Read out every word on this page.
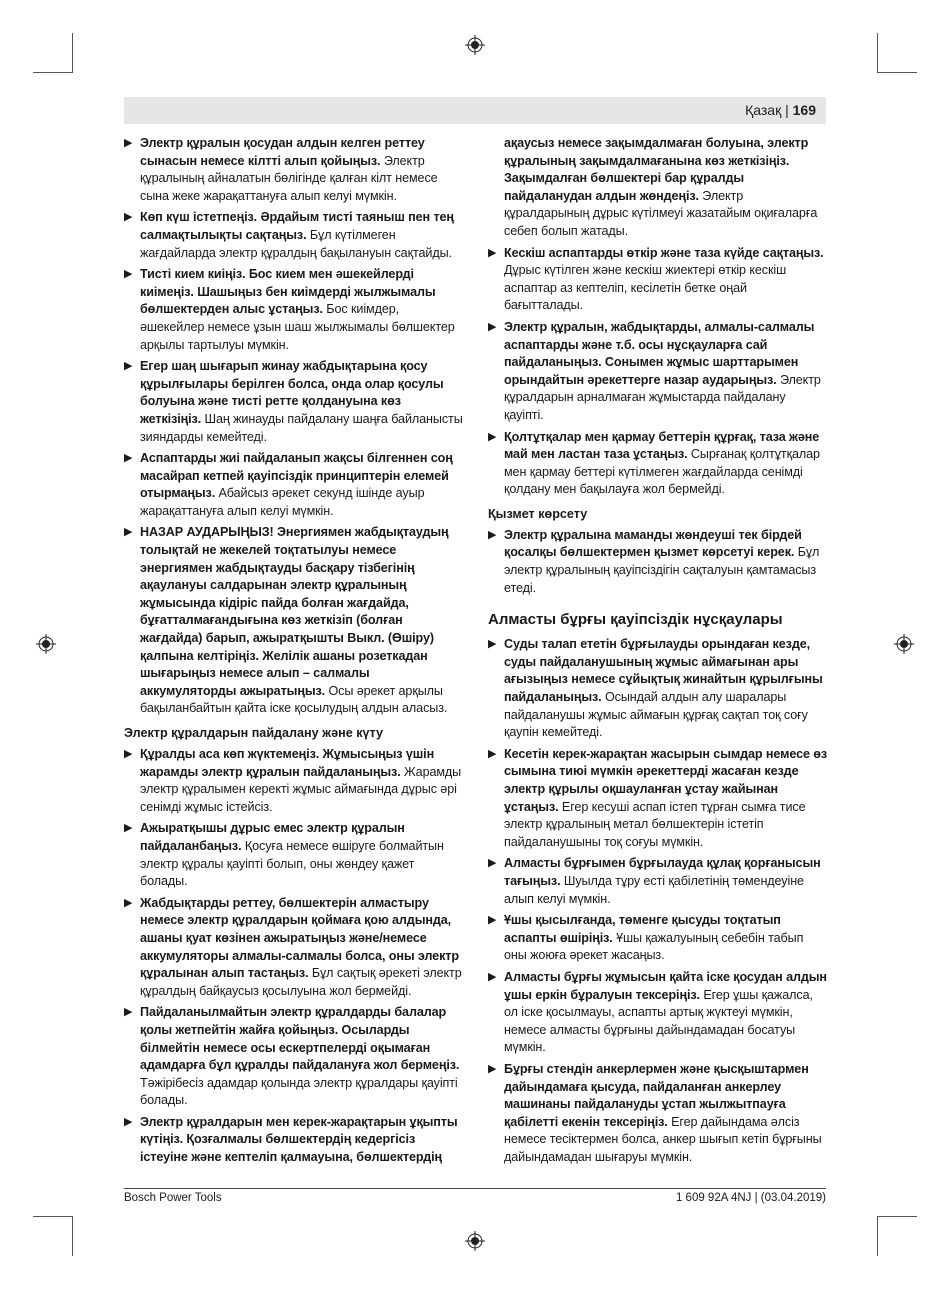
Қазақ | 169
▶ Электр құралын қосудан алдын келген реттеу сынасын немесе кілтті алып қойыңыз. Электр құралының айналатын бөлігінде қалған кілт немесе сына жеке жарақаттануға алып келуі мүмкін.
▶ Көп күш істетпеңіз. Әрдайым тисті таяныш пен тең салмақтылықты сақтаңыз. Бұл күтілмеген жағдайларда электр құралдың бақылануын сақтайды.
▶ Тисті кием киіңіз. Бос кием мен әшекейлерді киімеңіз. Шашыңыз бен киімдерді жылжымалы бөлшектерден алыс ұстаңыз. Бос киімдер, әшекейлер немесе ұзын шаш жылжымалы бөлшектер арқылы тартылуы мүмкін.
▶ Егер шаң шығарып жинау жабдықтарына қосу құрылғылары берілген болса, онда олар қосулы болуына және тисті ретте қолдануына көз жеткізіңіз. Шаң жинауды пайдалану шаңға байланысты зияндарды кемейтеді.
▶ Аспаптарды жиі пайдаланып жақсы білгеннен соң масайрап кетпей қауіпсіздік принциптерін елемей отырмаңыз. Абайсыз әрекет секунд ішінде ауыр жарақаттануға алып келуі мүмкін.
▶ НАЗАР АУДАРЫҢЫЗ! Энергиямен жабдықтаудың толықтай не жекелей тоқтатылуы немесе энергиямен жабдықтауды басқару тізбегінің ақаулануы салдарынан электр құралының жұмысында кідіріс пайда болған жағдайда, бұғатталмағандығына көз жеткізіп (болған жағдайда) барып, ажыратқышты Выкл. (Өшіру) қалпына келтіріңіз. Желілік ашаны розеткадан шығарыңыз немесе алып – салмалы аккумуляторды ажыратыңыз. Осы әрекет арқылы бақыланбайтын қайта іске қосылудың алдын алаcыз.
Электр құралдарын пайдалану және күту
▶ Құралды аса көп жүктемеңіз. Жұмысыңыз үшін жарамды электр құралын пайдаланыңыз. Жарамды электр құралымен керекті жұмыс аймағында дұрыс әрі сенімді жұмыс істейсіз.
▶ Ажыратқышы дұрыс емес электр құралын пайдаланбаңыз. Қосуға немесе өшіруге болмайтын электр құралы қауіпті болып, оны жөндеу қажет болады.
▶ Жабдықтарды реттеу, бөлшектерін алмастыру немесе электр құралдарын қоймаға қою алдында, ашаны қуат көзінен ажыратыңыз және/немесе аккумуляторы алмалы-салмалы болса, оны электр құралынан алып тастаңыз. Бұл сақтық әрекеті электр құралдың байқаусыз қосылуына жол бермейді.
▶ Пайдаланылмайтын электр құралдарды балалар қолы жетпейтін жайға қойыңыз. Осыларды білмейтін немесе осы ескертпелерді оқымаған адамдарға бұл құралды пайдалануға жол бермеңіз. Тәжірібесіз адамдар қолында электр құралдары қауіпті болады.
▶ Электр құралдарын мен керек-жарақтарын ұқыпты күтіңіз. Қозғалмалы бөлшектердің кедергісіз істеуіне және кептеліп қалмауына, бөлшектердің
ақаусыз немесе зақымдалмаған болуына, электр құралының зақымдалмағанына көз жеткізіңіз. Зақымдалған бөлшектері бар құралды пайдаланудан алдын жөндеңіз. Электр құралдарының дұрыс күтілмеуі жазатайым оқиғаларға себеп болып жатады.
▶ Кескіш аспаптарды өткір және таза күйде сақтаңыз. Дұрыс күтілген және кескіш жиектері өткір кескіш аспаптар аз кептеліп, кесілетін бетке оңай бағытталады.
▶ Электр құралын, жабдықтарды, алмалы-салмалы аспаптарды және т.б. осы нұсқауларға сай пайдаланыңыз. Сонымен жұмыс шарттарымен орындайтын әрекеттерге назар аударыңыз. Электр құралдарын арналмаған жұмыстарда пайдалану қауіпті.
▶ Қолтұтқалар мен қармау беттерін құрғақ, таза және май мен ластан таза ұстаңыз. Сырғанақ қолтұтқалар мен қармау беттері күтілмеген жағдайларда сенімді қолдану мен бақылауға жол бермейді.
Қызмет көрсету
▶ Электр құралына маманды жөндеуші тек бірдей қосалқы бөлшектермен қызмет көрсетуі керек. Бұл электр құралының қауіпсіздігін сақталуын қамтамасыз етеді.
Алмасты бұрғы қауіпсіздік нұсқаулары
▶ Суды талап ететін бұрғылауды орындаған кезде, суды пайдаланушының жұмыс аймағынан ары ағызыңыз немесе сұйықтық жинайтын құрылғыны пайдаланыңыз. Осындай алдын алу шаралары пайдаланушы жұмыс аймағын құрғақ сақтап тоқ соғу қаупін кемейтеді.
▶ Кесетін керек-жарақтан жасырын сымдар немесе өз сымына тиюі мүмкін әрекеттерді жасаған кезде электр құрылы оқшауланған ұстау жайынан ұстаңыз. Егер кесуші аспап істеп тұрған сымға тисе электр құралының метал бөлшектерін істетіп пайдаланушыны тоқ соғуы мүмкін.
▶ Алмасты бұрғымен бұрғылауда құлақ қорғанысын тағыңыз. Шуылда тұру есті қабілетінің төмендеуіне алып келуі мүмкін.
▶ Ұшы қысылғанда, төменге қысуды тоқтатып аспапты өшіріңіз. Ұшы қажалуының себебін табып оны жоюға әрекет жасаңыз.
▶ Алмасты бұрғы жұмысын қайта іске қосудан алдын ұшы еркін бұралуын тексеріңіз. Егер ұшы қажалса, ол іске қосылмауы, аспапты артық жүктеуі мүмкін, немесе алмасты бұрғыны дайындамадан босатуы мүмкін.
▶ Бұрғы стендін анкерлермен және қысқыштармен дайындамаға қысуда, пайдаланған анкерлеу машинаны пайдалануды ұстап жылжытпауға қабілетті екенін тексеріңіз. Егер дайындама әлсіз немесе тесіктермен болса, анкер шығып кетіп бұрғыны дайындамадан шығаруы мүмкін.
Bosch Power Tools	1 609 92A 4NJ | (03.04.2019)
